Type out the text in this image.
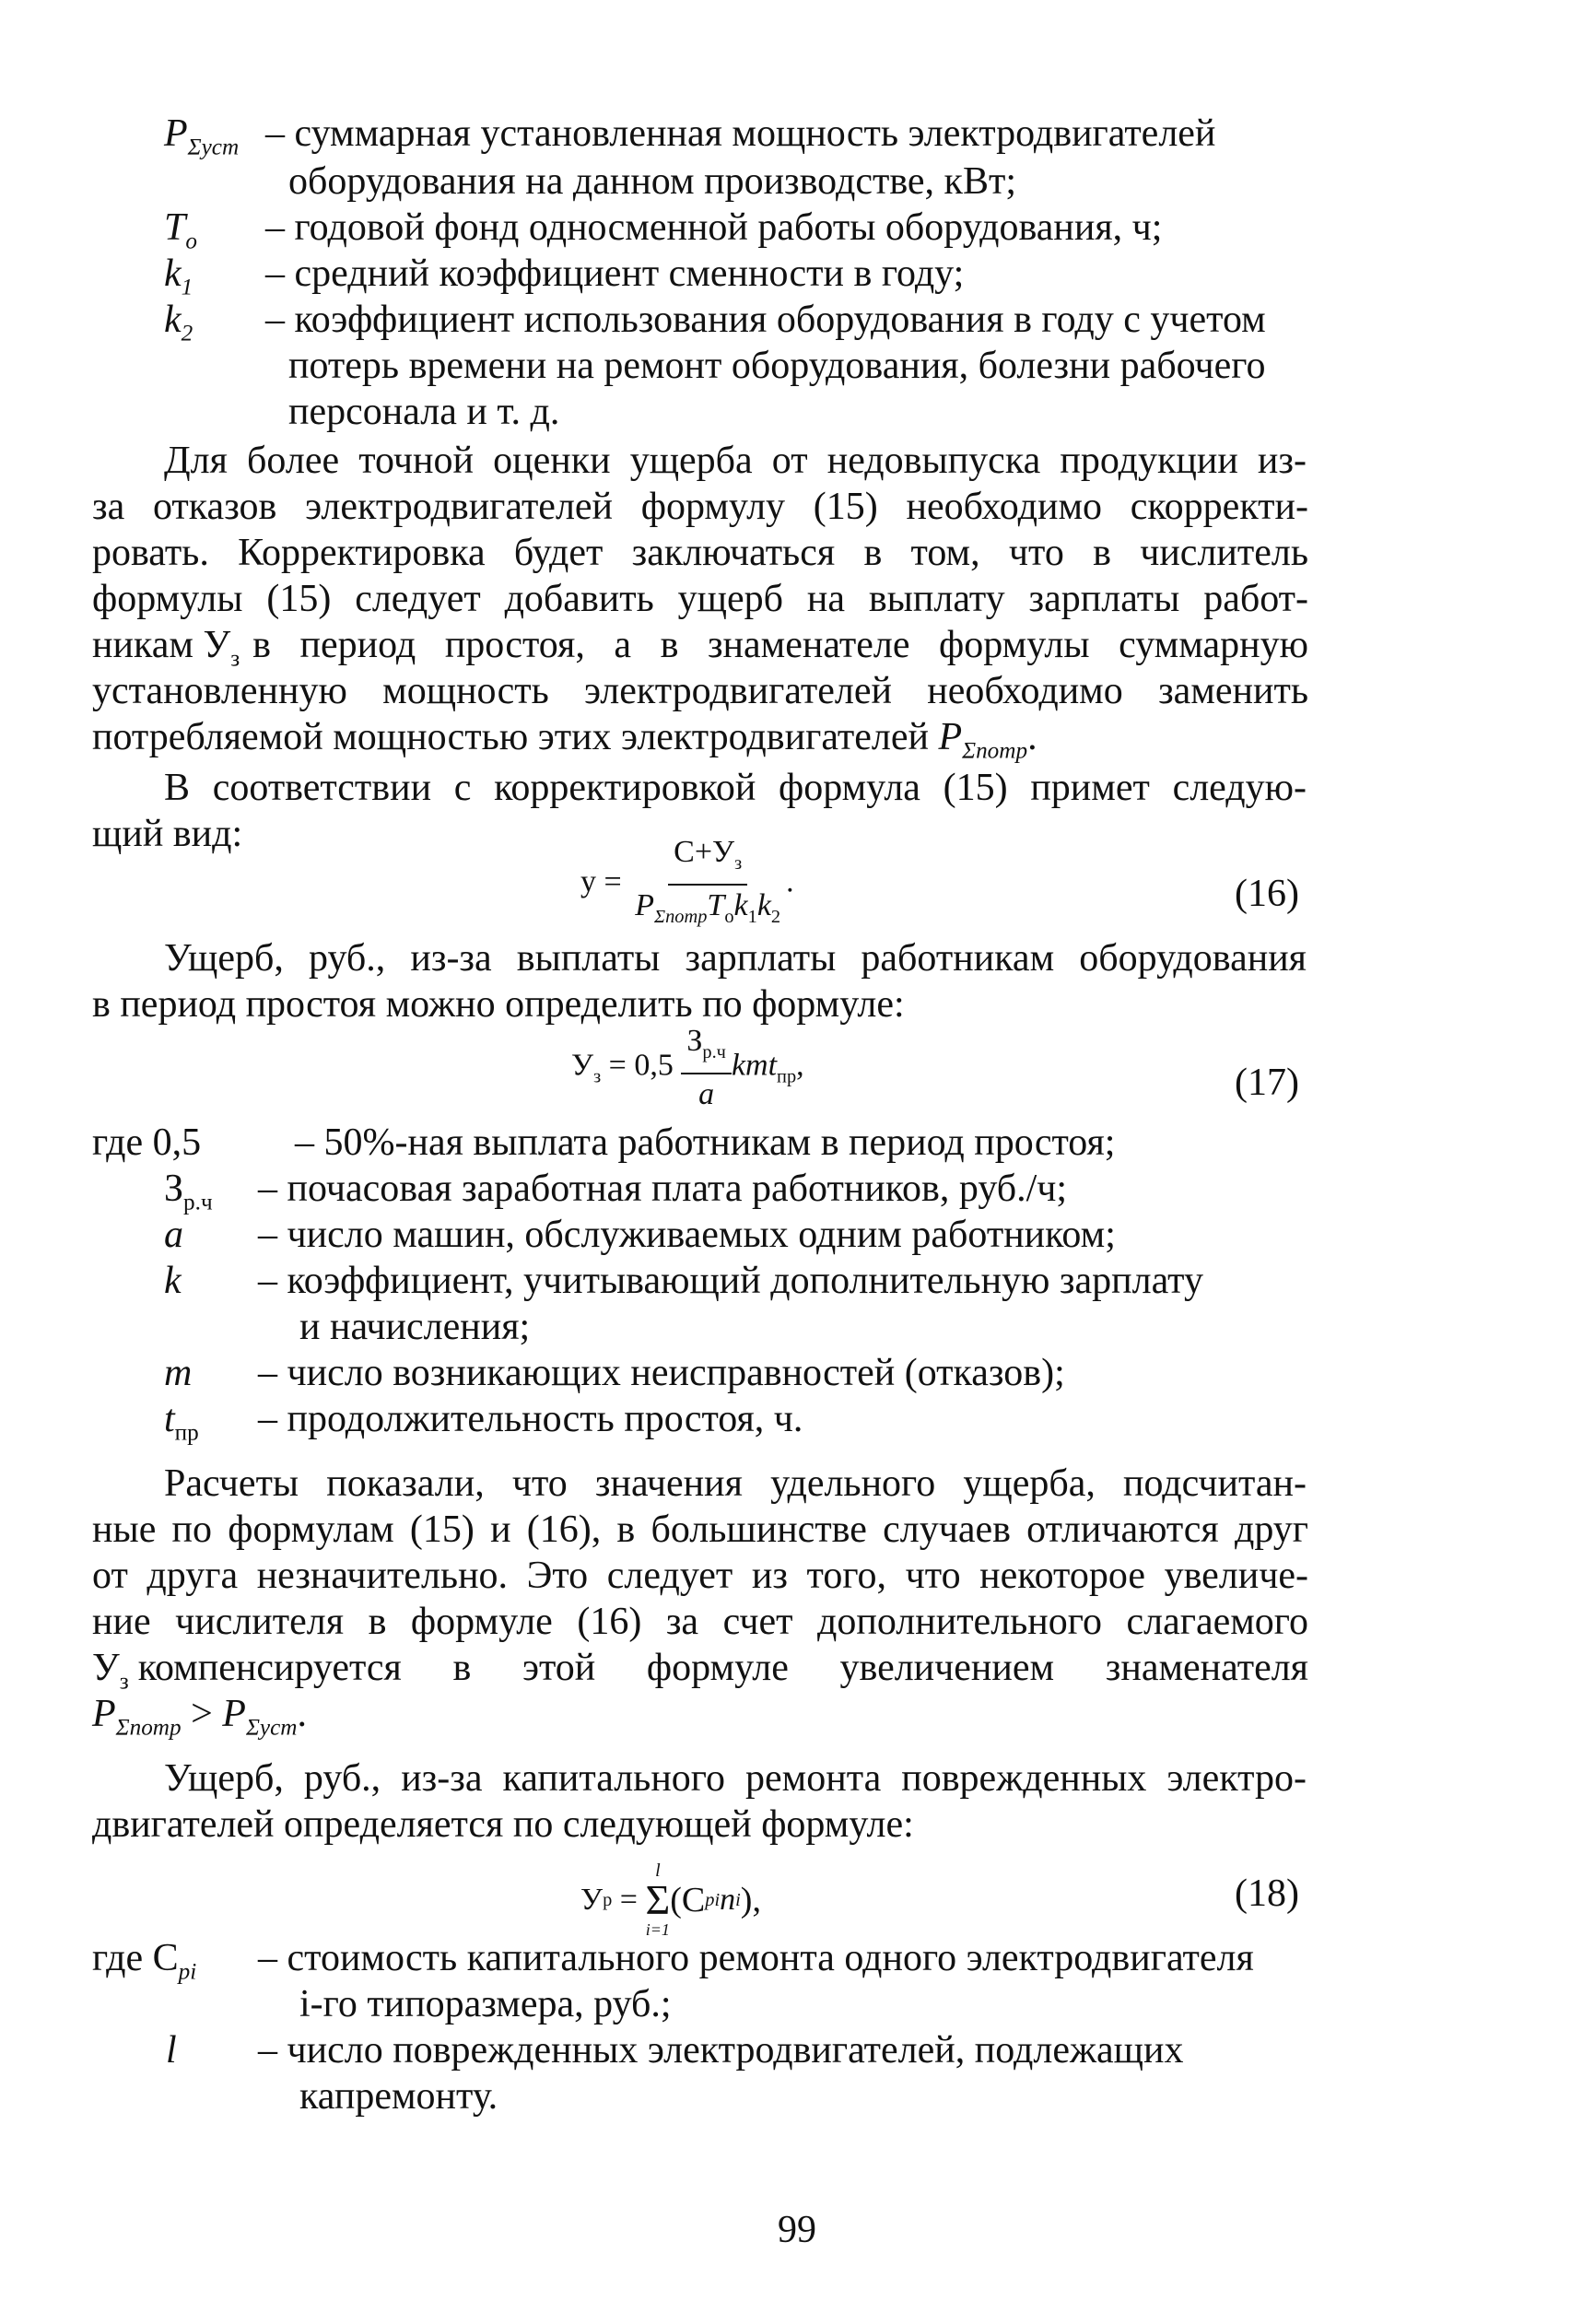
$P_{\Sigma уст}$ – суммарная установленная мощность электродвигателей
оборудования на данном производстве, кВт;
$T_о$ – годовой фонд односменной работы оборудования, ч;
$k_1$ – средний коэффициент сменности в году;
$k_2$ – коэффициент использования оборудования в году с учетом
потерь времени на ремонт оборудования, болезни рабочего
персонала и т. д.
Для более точной оценки ущерба от недовыпуска продукции из-
за отказов электродвигателей формулу (15) необходимо скорректи-
ровать. Корректировка будет заключаться в том, что в числитель
формулы (15) следует добавить ущерб на выплату зарплаты работ-
никам $У_з$ в период простоя, а в знаменателе формулы суммарную
установленную мощность электродвигателей необходимо заменить
потребляемой мощностью этих электродвигателей $P_{\Sigma потр}$.
В соответствии с корректировкой формула (15) примет следую-
щий вид:
$у = \frac{С+У_з}{P_{\Sigma потр}T_оk_1k_2}$ .	(16)
Ущерб, руб., из-за выплаты зарплаты работникам оборудования
в период простоя можно определить по формуле:
$У_з = 0,5 \frac{З_{р.ч}}{a} kmt_{пр}$,	(17)
где 0,5 – 50%-ная выплата работникам в период простоя;
$З_{р.ч}$ – почасовая заработная плата работников, руб./ч;
a – число машин, обслуживаемых одним работником;
k – коэффициент, учитывающий дополнительную зарплату
и начисления;
m – число возникающих неисправностей (отказов);
$t_{пр}$ – продолжительность простоя, ч.
Расчеты показали, что значения удельного ущерба, подсчитан-
ные по формулам (15) и (16), в большинстве случаев отличаются друг
от друга незначительно. Это следует из того, что некоторое увеличе-
ние числителя в формуле (16) за счет дополнительного слагаемого
$У_з$ компенсируется в этой формуле увеличением знаменателя
$P_{\Sigma потр} > P_{\Sigma уст}$.
Ущерб, руб., из-за капитального ремонта поврежденных электро-
двигателей определяется по следующей формуле:
У р
=

l
Σ
i=1
(C pi n i ),	(18)
где $C_{pi}$ – стоимость капитального ремонта одного электродвигателя
i-го типоразмера, руб.;
l – число поврежденных электродвигателей, подлежащих
капремонту.
99
